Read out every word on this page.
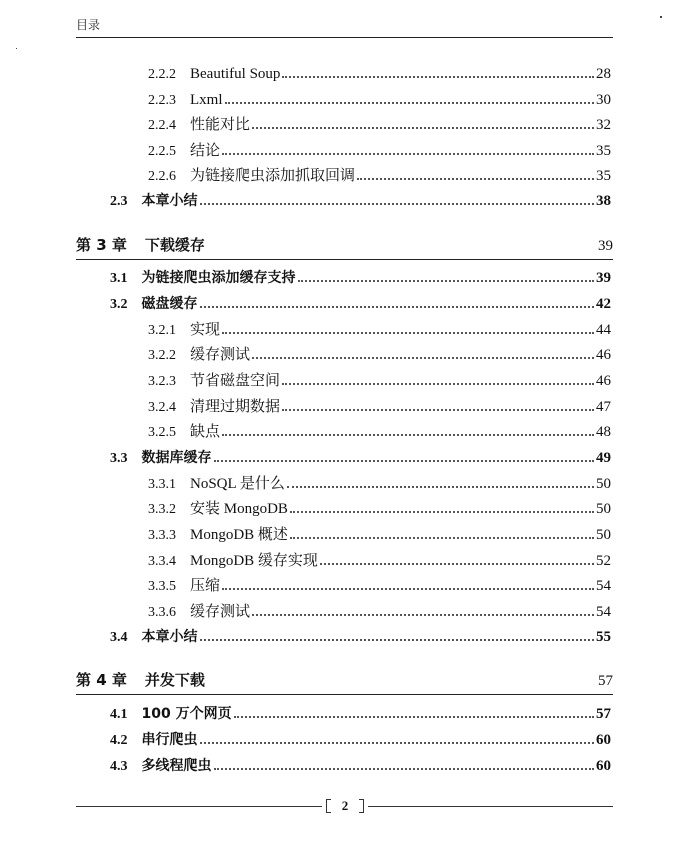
目录
2.2.2 Beautiful Soup	28
2.2.3 Lxml	30
2.2.4 性能对比	32
2.2.5 结论	35
2.2.6 为链接爬虫添加抓取回调	35
2.3	本章小结	38
第 3 章	下载缓存	39
3.1	为链接爬虫添加缓存支持	39
3.2	磁盘缓存	42
3.2.1 实现	44
3.2.2 缓存测试	46
3.2.3 节省磁盘空间	46
3.2.4 清理过期数据	47
3.2.5 缺点	48
3.3	数据库缓存	49
3.3.1 NoSQL 是什么	50
3.3.2 安装 MongoDB	50
3.3.3 MongoDB 概述	50
3.3.4 MongoDB 缓存实现	52
3.3.5 压缩	54
3.3.6 缓存测试	54
3.4	本章小结	55
第 4 章	并发下载	57
4.1	100 万个网页	57
4.2	串行爬虫	60
4.3	多线程爬虫	60
2
